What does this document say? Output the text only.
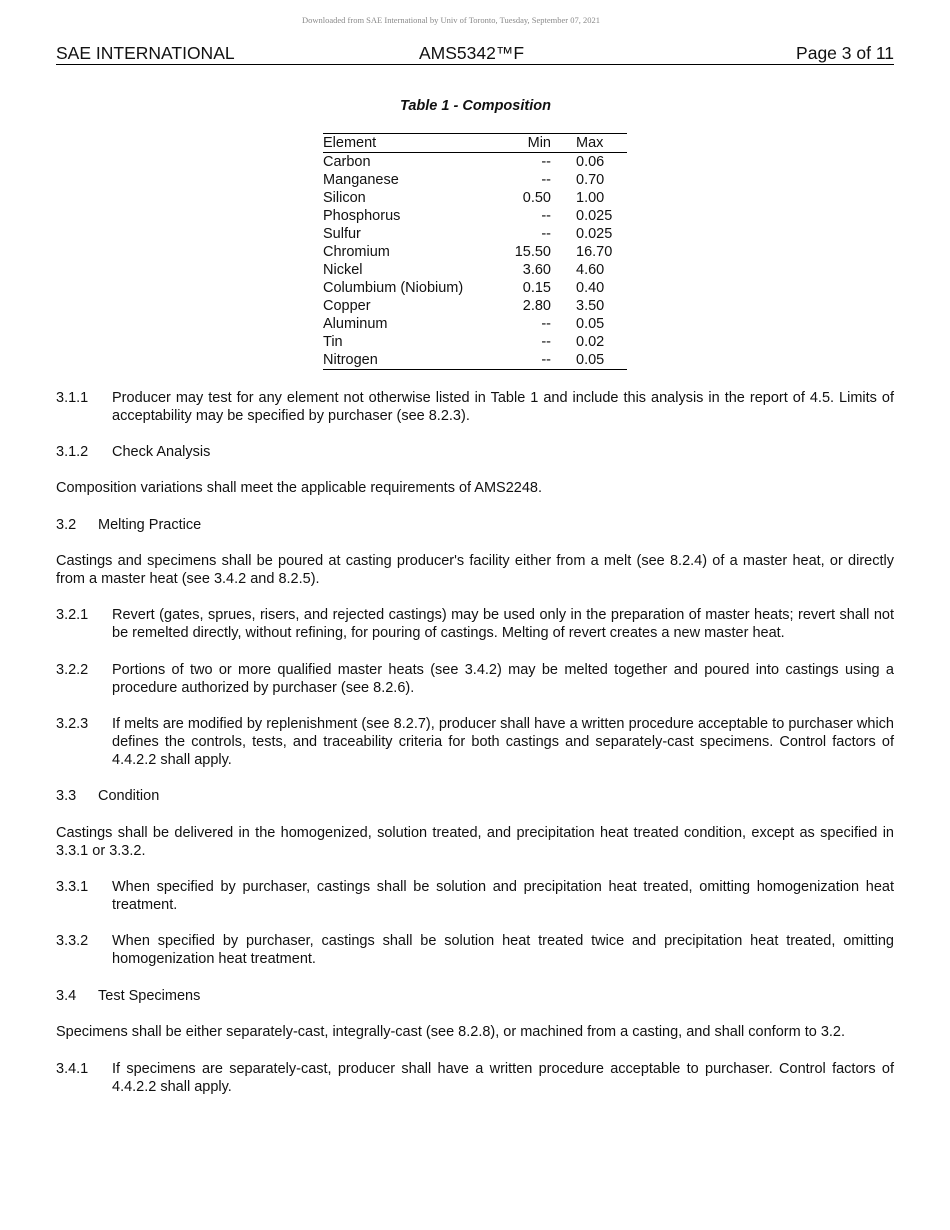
Downloaded from SAE International by Univ of Toronto, Tuesday, September 07, 2021
SAE INTERNATIONAL	AMS5342™F	Page 3 of 11
Table 1 - Composition
Element	Min	Max
Carbon	--	0.06
Manganese	--	0.70
Silicon	0.50	1.00
Phosphorus	--	0.025
Sulfur	--	0.025
Chromium	15.50	16.70
Nickel	3.60	4.60
Columbium (Niobium)	0.15	0.40
Copper	2.80	3.50
Aluminum	--	0.05
Tin	--	0.02
Nitrogen	--	0.05
3.1.1 Producer may test for any element not otherwise listed in Table 1 and include this analysis in the report of 4.5. Limits of acceptability may be specified by purchaser (see 8.2.3).
3.1.2 Check Analysis
Composition variations shall meet the applicable requirements of AMS2248.
3.2 Melting Practice
Castings and specimens shall be poured at casting producer's facility either from a melt (see 8.2.4) of a master heat, or directly from a master heat (see 3.4.2 and 8.2.5).
3.2.1 Revert (gates, sprues, risers, and rejected castings) may be used only in the preparation of master heats; revert shall not be remelted directly, without refining, for pouring of castings. Melting of revert creates a new master heat.
3.2.2 Portions of two or more qualified master heats (see 3.4.2) may be melted together and poured into castings using a procedure authorized by purchaser (see 8.2.6).
3.2.3 If melts are modified by replenishment (see 8.2.7), producer shall have a written procedure acceptable to purchaser which defines the controls, tests, and traceability criteria for both castings and separately-cast specimens. Control factors of 4.4.2.2 shall apply.
3.3 Condition
Castings shall be delivered in the homogenized, solution treated, and precipitation heat treated condition, except as specified in 3.3.1 or 3.3.2.
3.3.1 When specified by purchaser, castings shall be solution and precipitation heat treated, omitting homogenization heat treatment.
3.3.2 When specified by purchaser, castings shall be solution heat treated twice and precipitation heat treated, omitting homogenization heat treatment.
3.4 Test Specimens
Specimens shall be either separately-cast, integrally-cast (see 8.2.8), or machined from a casting, and shall conform to 3.2.
3.4.1 If specimens are separately-cast, producer shall have a written procedure acceptable to purchaser. Control factors of 4.4.2.2 shall apply.
